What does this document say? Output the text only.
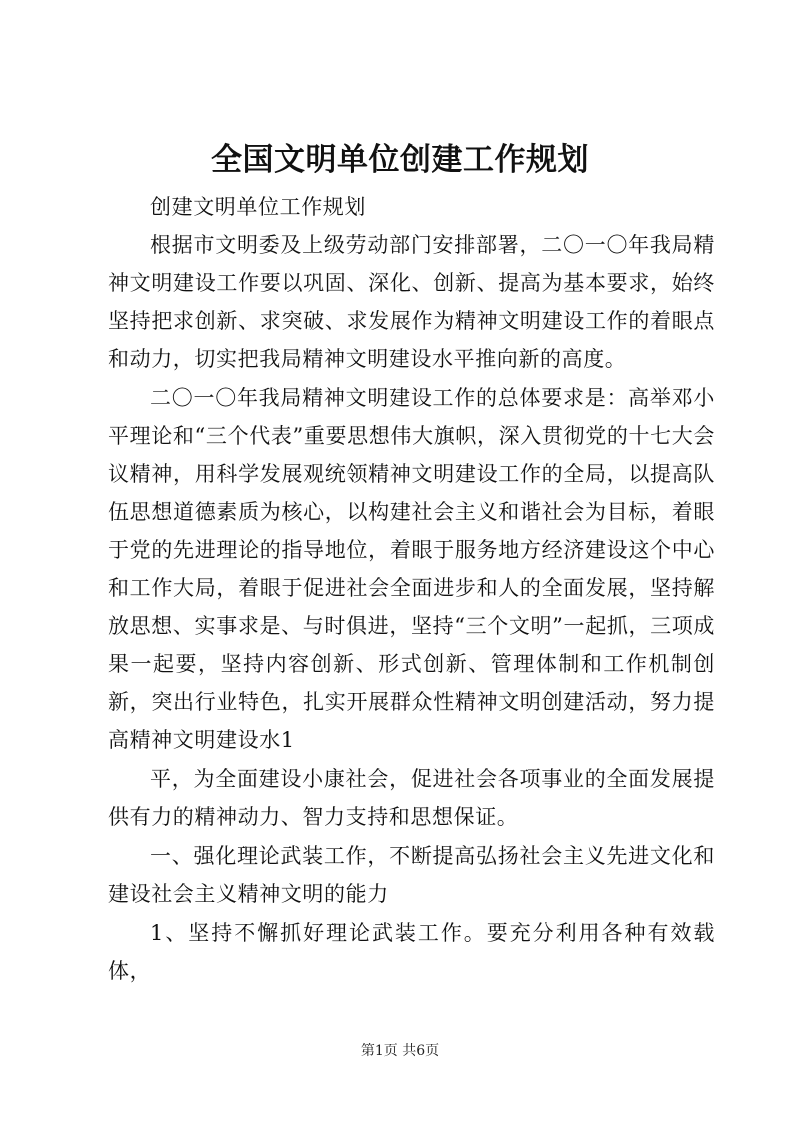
全国文明单位创建工作规划

创建文明单位工作规划

根据市文明委及上级劳动部门安排部署，二〇一〇年我局精神文明建设工作要以巩固、深化、创新、提高为基本要求，始终坚持把求创新、求突破、求发展作为精神文明建设工作的着眼点和动力，切实把我局精神文明建设水平推向新的高度。

二〇一〇年我局精神文明建设工作的总体要求是：高举邓小平理论和“三个代表”重要思想伟大旗帜，深入贯彻党的十七大会议精神，用科学发展观统领精神文明建设工作的全局，以提高队伍思想道德素质为核心，以构建社会主义和谐社会为目标，着眼于党的先进理论的指导地位，着眼于服务地方经济建设这个中心和工作大局，着眼于促进社会全面进步和人的全面发展，坚持解放思想、实事求是、与时俱进，坚持“三个文明”一起抓，三项成果一起要，坚持内容创新、形式创新、管理体制和工作机制创新，突出行业特色，扎实开展群众性精神文明创建活动，努力提高精神文明建设水1

平，为全面建设小康社会，促进社会各项事业的全面发展提供有力的精神动力、智力支持和思想保证。

一、强化理论武装工作，不断提高弘扬社会主义先进文化和建设社会主义精神文明的能力

1、坚持不懈抓好理论武装工作。要充分利用各种有效载体，

第1页 共6页
